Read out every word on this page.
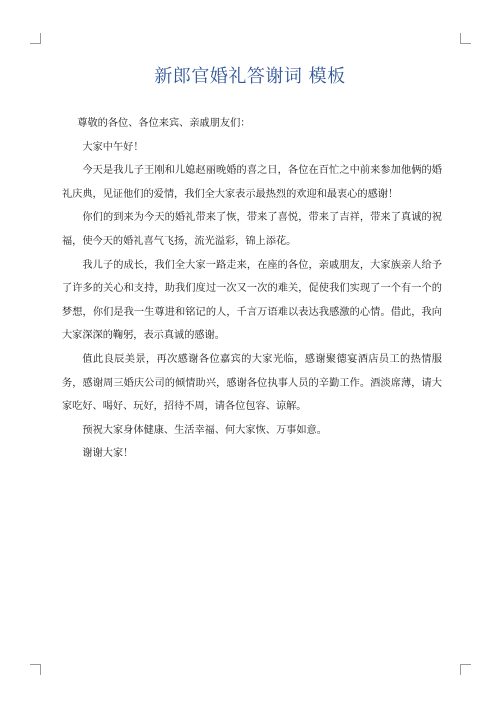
新郎官婚礼答谢词 模板

尊敬的各位、各位来宾、亲戚朋友们：

大家中午好！

今天是我儿子王刚和儿媳赵丽晚婚的喜之日，各位在百忙之中前来参加他俩的婚礼庆典，见证他们的爱情，我们全大家表示最热烈的欢迎和最衷心的感谢！

你们的到来为今天的婚礼带来了恢，带来了喜悦，带来了吉祥，带来了真诚的祝福，使今天的婚礼喜气飞扬，流光溢彩，锦上添花。

我儿子的成长，我们全大家一路走来，在座的各位，亲戚朋友，大家族亲人给予了许多的关心和支持，助我们度过一次又一次的难关，促使我们实现了一个有一个的梦想，你们是我一生尊进和铭记的人，千言万语难以表达我感激的心情。借此，我向大家深深的鞠躬，表示真诚的感谢。

值此良辰美景，再次感谢各位嘉宾的大家光临，感谢聚德宴酒店员工的热情服务，感谢周三婚庆公司的倾情助兴，感谢各位执事人员的辛勤工作。酒淡席薄，请大家吃好、喝好、玩好，招待不周，请各位包容、谅解。

预祝大家身体健康、生活幸福、何大家恢、万事如意。

谢谢大家！
